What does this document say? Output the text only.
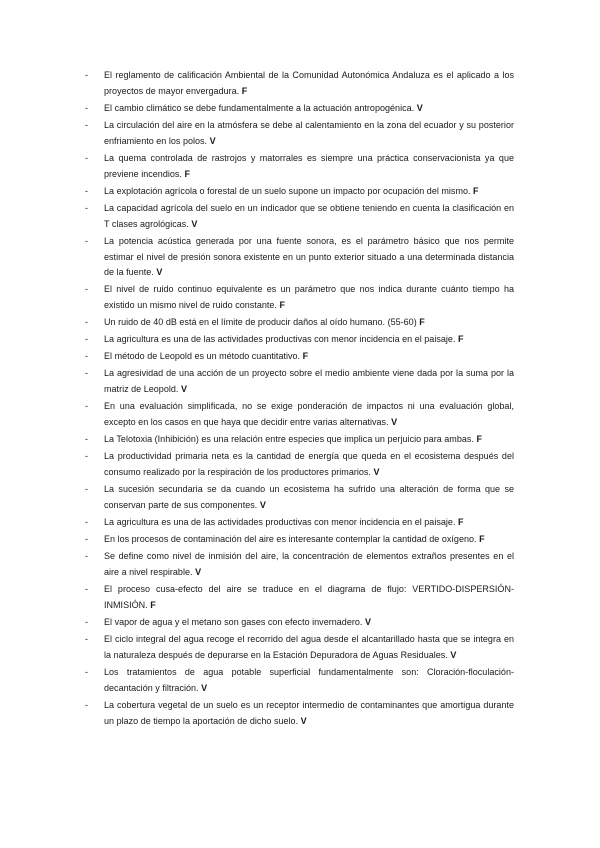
- El reglamento de calificación Ambiental de la Comunidad Autonómica Andaluza es el aplicado a los proyectos de mayor envergadura. F
- El cambio climático se debe fundamentalmente a la actuación antropogénica. V
- La circulación del aire en la atmósfera se debe al calentamiento en la zona del ecuador y su posterior enfriamiento en los polos. V
- La quema controlada de rastrojos y matorrales es siempre una práctica conservacionista ya que previene incendios. F
- La explotación agrícola o forestal de un suelo supone un impacto por ocupación del mismo. F
- La capacidad agrícola del suelo en un indicador que se obtiene teniendo en cuenta la clasificación en T clases agrológicas. V
- La potencia acústica generada por una fuente sonora, es el parámetro básico que nos permite estimar el nivel de presión sonora existente en un punto exterior situado a una determinada distancia de la fuente. V
- El nivel de ruido continuo equivalente es un parámetro que nos indica durante cuánto tiempo ha existido un mismo nivel de ruido constante. F
- Un ruido de 40 dB está en el límite de producir daños al oído humano. (55-60) F
- La agricultura es una de las actividades productivas con menor incidencia en el paisaje. F
- El método de Leopold es un método cuantitativo. F
- La agresividad de una acción de un proyecto sobre el medio ambiente viene dada por la suma por la matriz de Leopold. V
- En una evaluación simplificada, no se exige ponderación de impactos ni una evaluación global, excepto en los casos en que haya que decidir entre varias alternativas. V
- La Telotoxia (Inhibición) es una relación entre especies que implica un perjuicio para ambas. F
- La productividad primaria neta es la cantidad de energía que queda en el ecosistema después del consumo realizado por la respiración de los productores primarios. V
- La sucesión secundaria se da cuando un ecosistema ha sufrido una alteración de forma que se conservan parte de sus componentes. V
- La agricultura es una de las actividades productivas con menor incidencia en el paisaje. F
- En los procesos de contaminación del aire es interesante contemplar la cantidad de oxígeno. F
- Se define como nivel de inmisión del aire, la concentración de elementos extraños presentes en el aire a nivel respirable. V
- El proceso cusa-efecto del aire se traduce en el diagrama de flujo: VERTIDO-DISPERSIÓN-INMISIÓN. F
- El vapor de agua y el metano son gases con efecto invernadero. V
- El ciclo integral del agua recoge el recorrido del agua desde el alcantarillado hasta que se integra en la naturaleza después de depurarse en la Estación Depuradora de Aguas Residuales. V
- Los tratamientos de agua potable superficial fundamentalmente son: Cloración-floculación-decantación y filtración. V
- La cobertura vegetal de un suelo es un receptor intermedio de contaminantes que amortigua durante un plazo de tiempo la aportación de dicho suelo. V
